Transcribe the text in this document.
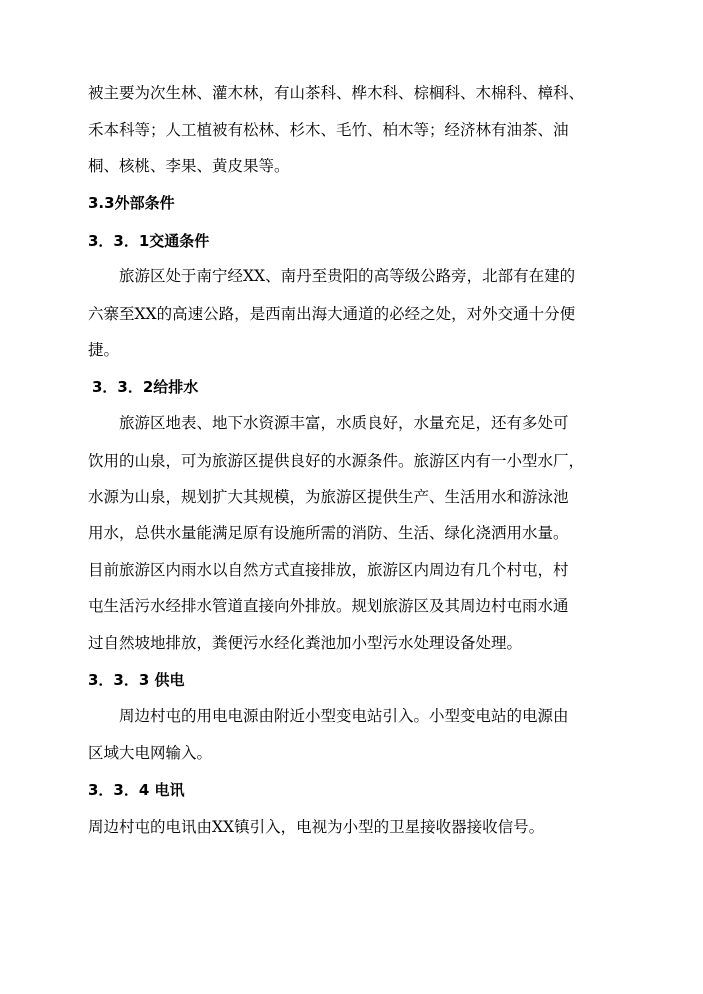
被主要为次生林、灌木林，有山茶科、桦木科、棕榈科、木棉科、樟科、
禾本科等；人工植被有松林、杉木、毛竹、柏木等；经济林有油茶、油
桐、核桃、李果、黄皮果等。
3.3外部条件
3．3．1交通条件
旅游区处于南宁经XX、南丹至贵阳的高等级公路旁，北部有在建的
六寨至XX的高速公路，是西南出海大通道的必经之处，对外交通十分便
捷。
3．3．2给排水
旅游区地表、地下水资源丰富，水质良好，水量充足，还有多处可
饮用的山泉，可为旅游区提供良好的水源条件。旅游区内有一小型水厂，
水源为山泉，规划扩大其规模，为旅游区提供生产、生活用水和游泳池
用水，总供水量能满足原有设施所需的消防、生活、绿化浇洒用水量。
目前旅游区内雨水以自然方式直接排放，旅游区内周边有几个村屯，村
屯生活污水经排水管道直接向外排放。规划旅游区及其周边村屯雨水通
过自然坡地排放，粪便污水经化粪池加小型污水处理设备处理。
3．3．3 供电
周边村屯的用电电源由附近小型变电站引入。小型变电站的电源由
区域大电网输入。
3．3．4 电讯
周边村屯的电讯由XX镇引入，电视为小型的卫星接收器接收信号。
